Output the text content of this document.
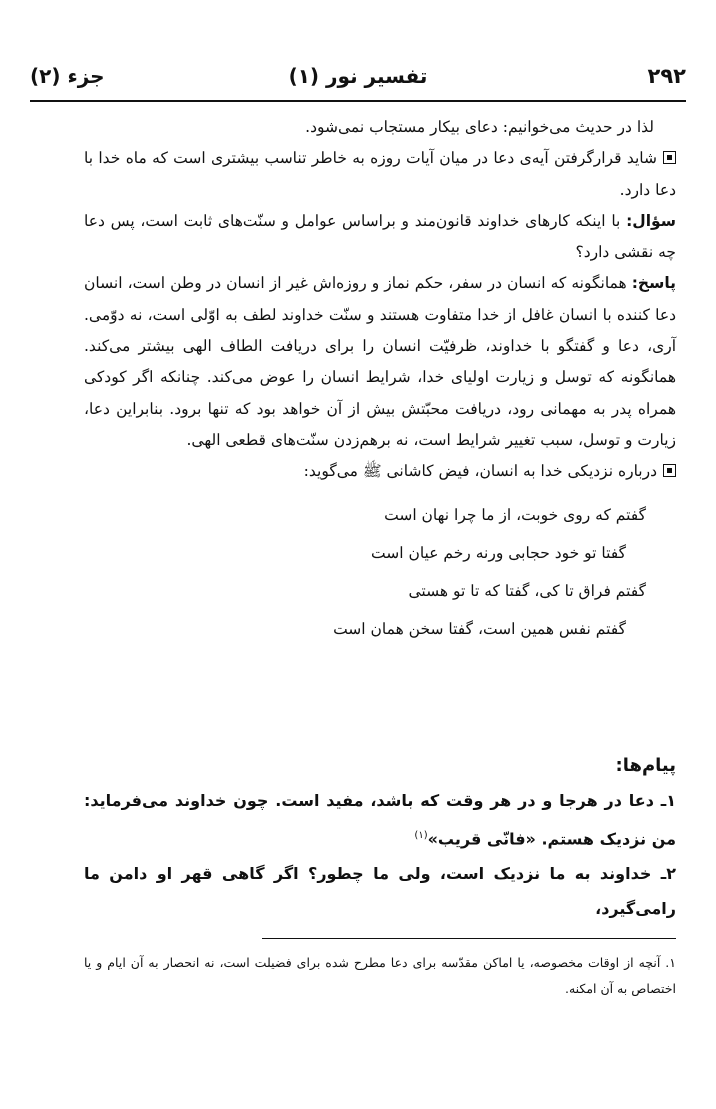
۲۹۲
تفسیر نور (۱)
جزء (۲)

لذا در حدیث می‌خوانیم: دعای بیکار مستجاب نمی‌شود.

شاید قرارگرفتن آیه‌ی دعا در میان آیات روزه به خاطر تناسب بیشتری است که ماه خدا با دعا دارد.

سؤال: با اینکه کارهای خداوند قانون‌مند و براساس عوامل و سنّت‌های ثابت است، پس دعا چه نقشی دارد؟

پاسخ: همانگونه که انسان در سفر، حکم نماز و روزه‌اش غیر از انسان در وطن است، انسان دعا کننده با انسان غافل از خدا متفاوت هستند و سنّت خداوند لطف به اوّلی است، نه دوّمی. آری، دعا و گفتگو با خداوند، ظرفیّت انسان را برای دریافت الطاف الهی بیشتر می‌کند. همانگونه که توسل و زیارت اولیای خدا، شرایط انسان را عوض می‌کند. چنانکه اگر کودکی همراه پدر به مهمانی رود، دریافت محبّتش بیش از آن خواهد بود که تنها برود. بنابراین دعا، زیارت و توسل، سبب تغییر شرایط است، نه برهم‌زدن سنّت‌های قطعی الهی.

درباره نزدیکی خدا به انسان، فیض کاشانی ﷺ می‌گوید:

گفتم که روی خوبت، از ما چرا نهان است
گفتا تو خود حجابی ورنه رخم عیان است
گفتم فراق تا کی، گفتا که تا تو هستی
گفتم نفس همین است، گفتا سخن همان است

پیام‌ها:

۱ـ دعا در هرجا و در هر وقت که باشد، مفید است. چون خداوند می‌فرماید: من نزدیک هستم. «فانّی قریب»$^{(۱)}$

۲ـ خداوند به ما نزدیک است، ولی ما چطور؟ اگر گاهی قهر او دامن ما رامی‌گیرد،

۱. آنچه از اوقات مخصوصه، یا اماکن مقدّسه برای دعا مطرح شده برای فضیلت است، نه انحصار به آن ایام و یا اختصاص به آن امکنه.
